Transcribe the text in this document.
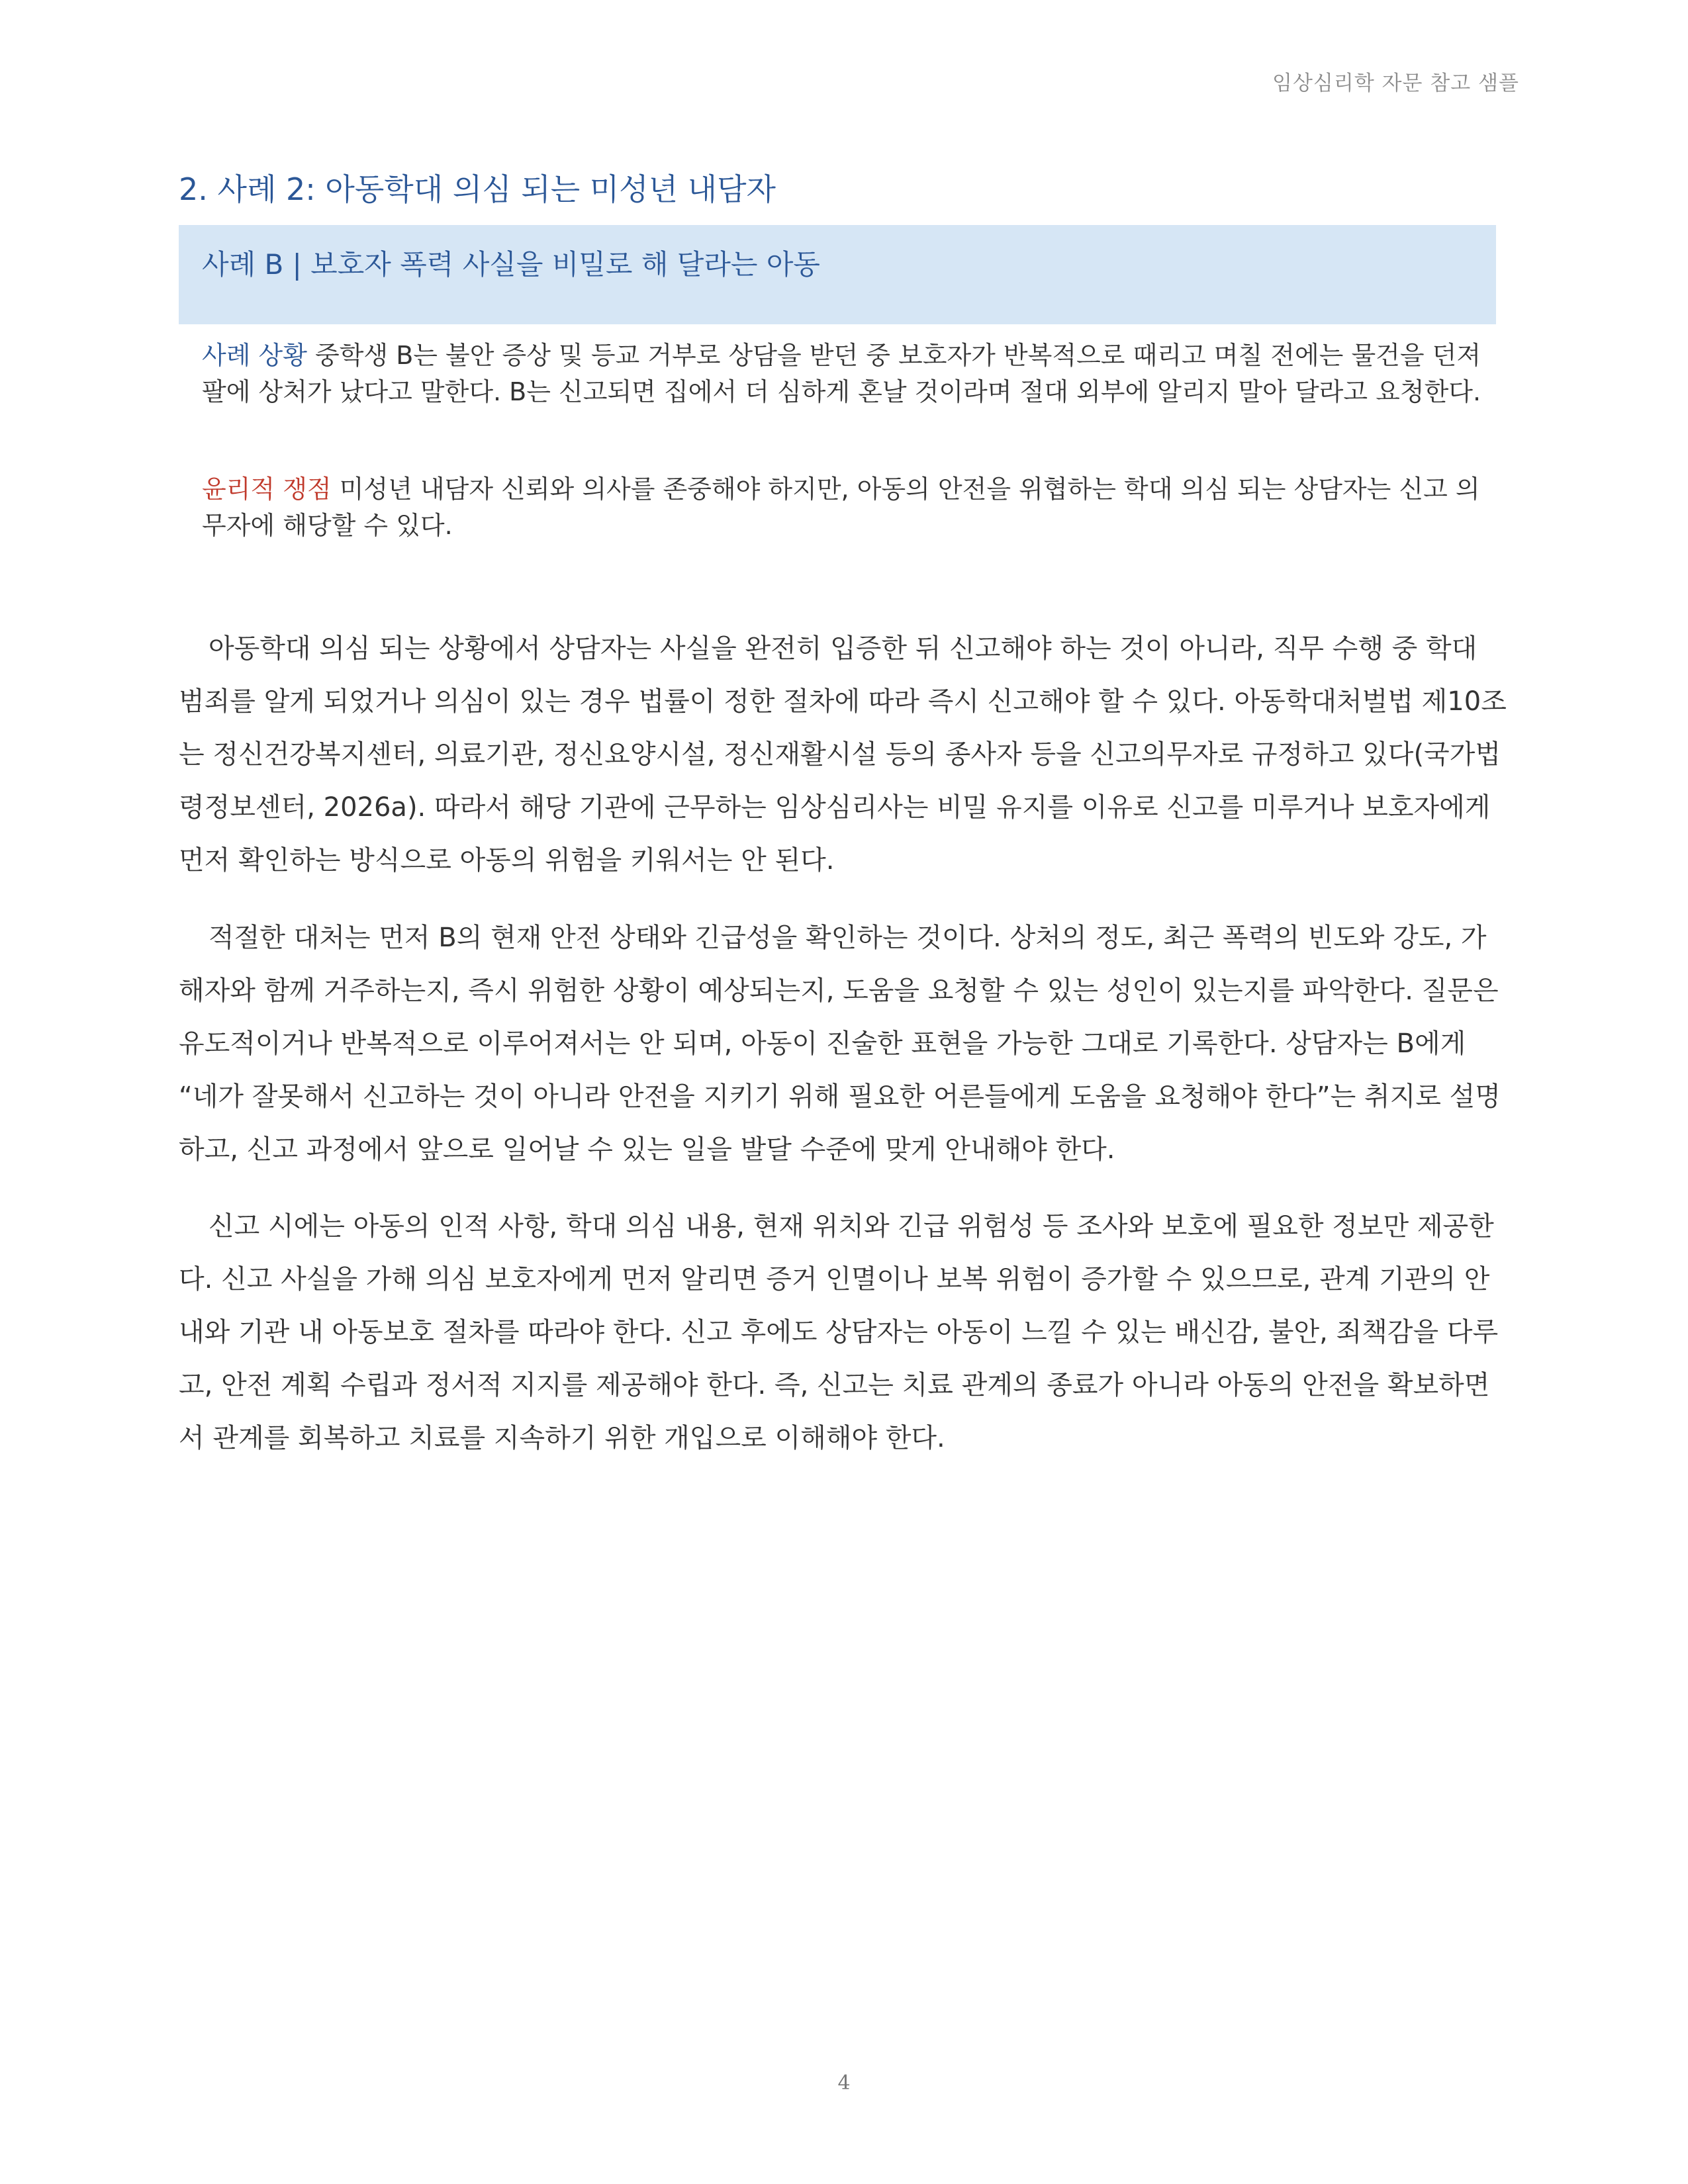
임상심리학 자문 참고 샘플
2. 사례 2: 아동학대 의심 되는 미성년 내담자
사례 B | 보호자 폭력 사실을 비밀로 해 달라는 아동
사례 상황 중학생 B는 불안 증상 및 등교 거부로 상담을 받던 중 보호자가 반복적으로 때리고 며칠 전에는 물건을 던져 팔에 상처가 났다고 말한다. B는 신고되면 집에서 더 심하게 혼날 것이라며 절대 외부에 알리지 말아 달라고 요청한다.
윤리적 쟁점 미성년 내담자 신뢰와 의사를 존중해야 하지만, 아동의 안전을 위협하는 학대 의심 되는 상담자는 신고 의무자에 해당할 수 있다.

아동학대 의심 되는 상황에서 상담자는 사실을 완전히 입증한 뒤 신고해야 하는 것이 아니라, 직무 수행 중 학대 범죄를 알게 되었거나 의심이 있는 경우 법률이 정한 절차에 따라 즉시 신고해야 할 수 있다. 아동학대처벌법 제10조는 정신건강복지센터, 의료기관, 정신요양시설, 정신재활시설 등의 종사자 등을 신고의무자로 규정하고 있다(국가법령정보센터, 2026a). 따라서 해당 기관에 근무하는 임상심리사는 비밀 유지를 이유로 신고를 미루거나 보호자에게 먼저 확인하는 방식으로 아동의 위험을 키워서는 안 된다.

적절한 대처는 먼저 B의 현재 안전 상태와 긴급성을 확인하는 것이다. 상처의 정도, 최근 폭력의 빈도와 강도, 가해자와 함께 거주하는지, 즉시 위험한 상황이 예상되는지, 도움을 요청할 수 있는 성인이 있는지를 파악한다. 질문은 유도적이거나 반복적으로 이루어져서는 안 되며, 아동이 진술한 표현을 가능한 그대로 기록한다. 상담자는 B에게 “네가 잘못해서 신고하는 것이 아니라 안전을 지키기 위해 필요한 어른들에게 도움을 요청해야 한다”는 취지로 설명하고, 신고 과정에서 앞으로 일어날 수 있는 일을 발달 수준에 맞게 안내해야 한다.

신고 시에는 아동의 인적 사항, 학대 의심 내용, 현재 위치와 긴급 위험성 등 조사와 보호에 필요한 정보만 제공한다. 신고 사실을 가해 의심 보호자에게 먼저 알리면 증거 인멸이나 보복 위험이 증가할 수 있으므로, 관계 기관의 안내와 기관 내 아동보호 절차를 따라야 한다. 신고 후에도 상담자는 아동이 느낄 수 있는 배신감, 불안, 죄책감을 다루고, 안전 계획 수립과 정서적 지지를 제공해야 한다. 즉, 신고는 치료 관계의 종료가 아니라 아동의 안전을 확보하면서 관계를 회복하고 치료를 지속하기 위한 개입으로 이해해야 한다.

4
